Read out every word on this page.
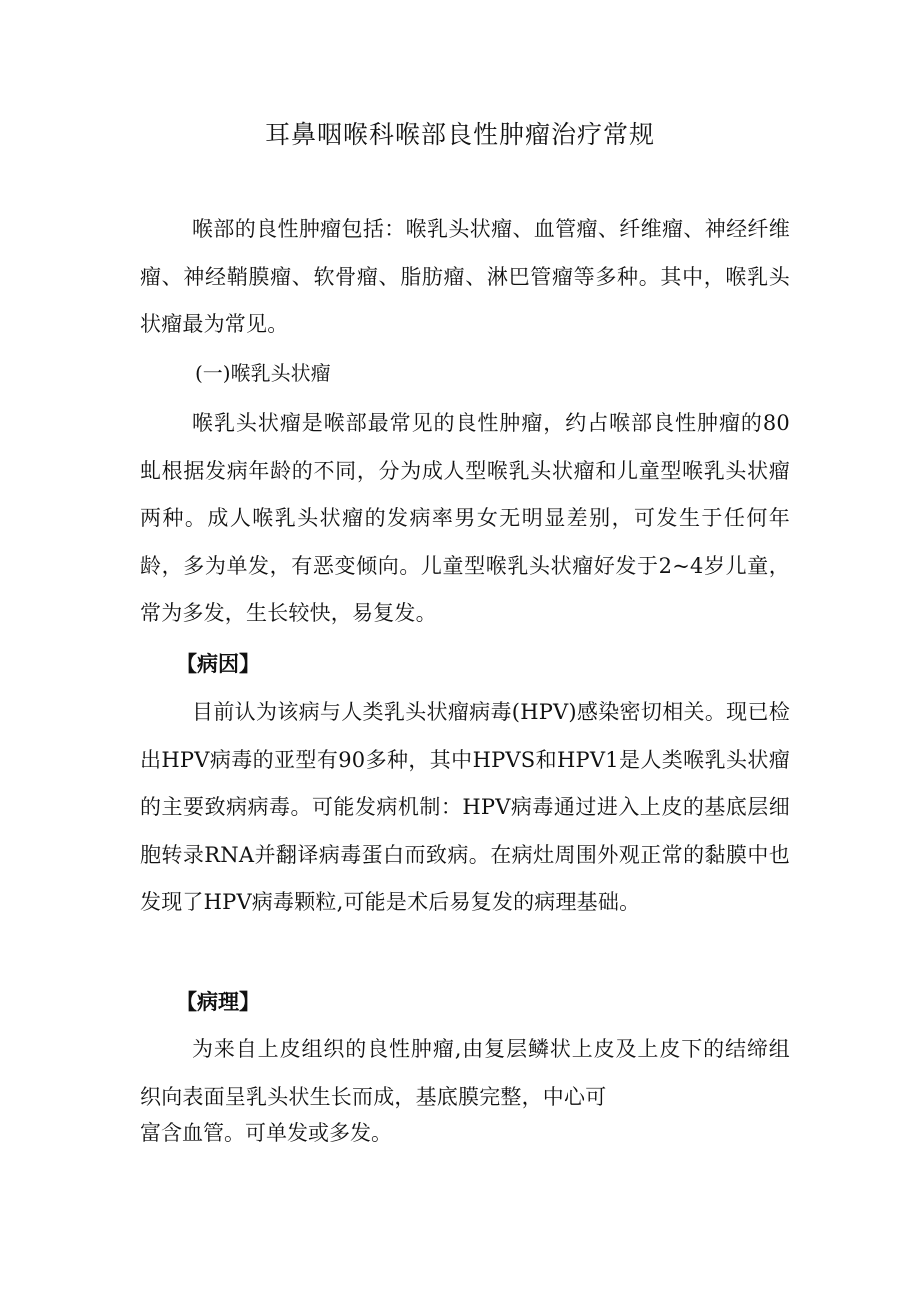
耳鼻咽喉科喉部良性肿瘤治疗常规

喉部的良性肿瘤包括：喉乳头状瘤、血管瘤、纤维瘤、神经纤维瘤、神经鞘膜瘤、软骨瘤、脂肪瘤、淋巴管瘤等多种。其中，喉乳头状瘤最为常见。

(一)喉乳头状瘤

喉乳头状瘤是喉部最常见的良性肿瘤，约占喉部良性肿瘤的80虬根据发病年龄的不同，分为成人型喉乳头状瘤和儿童型喉乳头状瘤两种。成人喉乳头状瘤的发病率男女无明显差别，可发生于任何年龄，多为单发，有恶变倾向。儿童型喉乳头状瘤好发于2~4岁儿童，常为多发，生长较快，易复发。

【病因】

目前认为该病与人类乳头状瘤病毒(HPV)感染密切相关。现已检出HPV病毒的亚型有90多种，其中HPVS和HPV1是人类喉乳头状瘤的主要致病病毒。可能发病机制：HPV病毒通过进入上皮的基底层细胞转录RNA并翻译病毒蛋白而致病。在病灶周围外观正常的黏膜中也发现了HPV病毒颗粒,可能是术后易复发的病理基础。

【病理】

为来自上皮组织的良性肿瘤,由复层鳞状上皮及上皮下的结缔组织向表面呈乳头状生长而成，基底膜完整，中心可

富含血管。可单发或多发。
